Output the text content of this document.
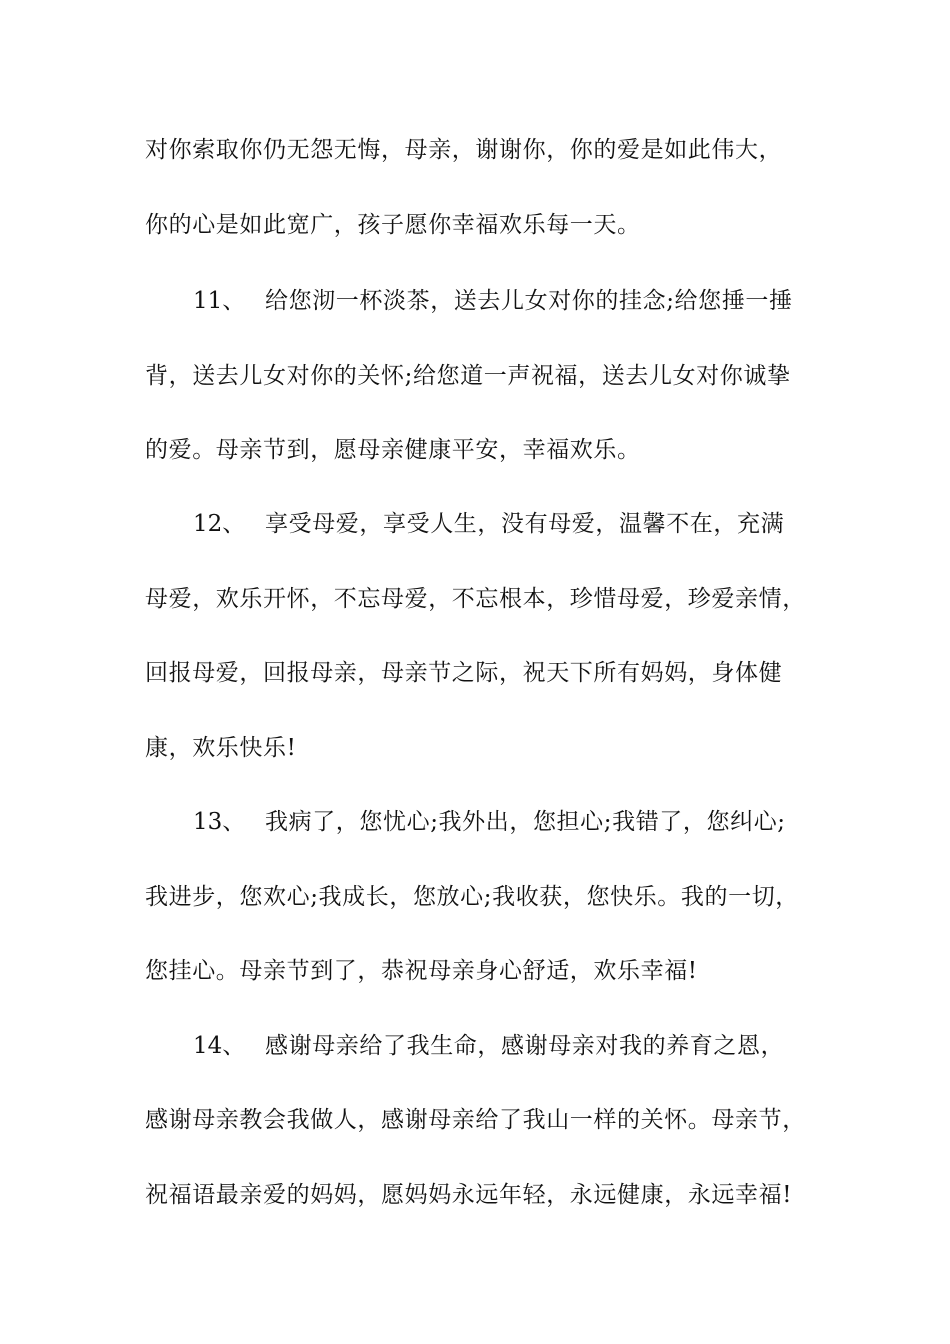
对你索取你仍无怨无悔，母亲，谢谢你，你的爱是如此伟大，
你的心是如此宽广，孩子愿你幸福欢乐每一天。
11、 给您沏一杯淡茶，送去儿女对你的挂念;给您捶一捶
背，送去儿女对你的关怀;给您道一声祝福，送去儿女对你诚挚
的爱。母亲节到，愿母亲健康平安，幸福欢乐。
12、 享受母爱，享受人生，没有母爱，温馨不在，充满
母爱，欢乐开怀，不忘母爱，不忘根本，珍惜母爱，珍爱亲情，
回报母爱，回报母亲，母亲节之际，祝天下所有妈妈，身体健
康，欢乐快乐!
13、 我病了，您忧心;我外出，您担心;我错了，您纠心;
我进步，您欢心;我成长，您放心;我收获，您快乐。我的一切，
您挂心。母亲节到了，恭祝母亲身心舒适，欢乐幸福!
14、 感谢母亲给了我生命，感谢母亲对我的养育之恩，
感谢母亲教会我做人，感谢母亲给了我山一样的关怀。母亲节，
祝福语最亲爱的妈妈，愿妈妈永远年轻，永远健康，永远幸福!
